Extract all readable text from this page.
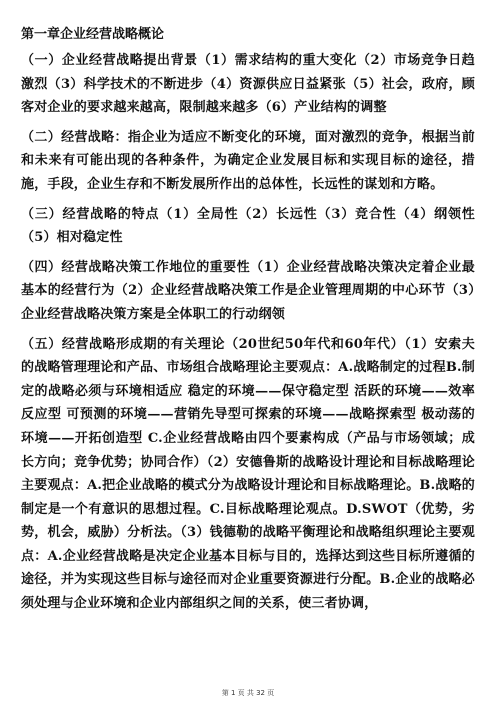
第一章企业经营战略概论

（一）企业经营战略提出背景（1）需求结构的重大变化（2）市场竞争日趋激烈（3）科学技术的不断进步（4）资源供应日益紧张（5）社会，政府，顾客对企业的要求越来越高，限制越来越多（6）产业结构的调整

（二）经营战略：指企业为适应不断变化的环境，面对激烈的竞争，根据当前和未来有可能出现的各种条件，为确定企业发展目标和实现目标的途径，措施，手段，企业生存和不断发展所作出的总体性，长远性的谋划和方略。

（三）经营战略的特点（1）全局性（2）长远性（3）竞合性（4）纲领性（5）相对稳定性

（四）经营战略决策工作地位的重要性（1）企业经营战略决策决定着企业最基本的经营行为（2）企业经营战略决策工作是企业管理周期的中心环节（3）企业经营战略决策方案是全体职工的行动纲领

（五）经营战略形成期的有关理论（20世纪50年代和60年代）（1）安索夫的战略管理理论和产品、市场组合战略理论主要观点：A.战略制定的过程B.制定的战略必须与环境相适应 稳定的环境——保守稳定型 活跃的环境——效率反应型 可预测的环境——营销先导型可探索的环境——战略探索型 极动荡的环境——开拓创造型 C.企业经营战略由四个要素构成（产品与市场领域；成长方向；竞争优势；协同合作）（2）安德鲁斯的战略设计理论和目标战略理论主要观点：A.把企业战略的模式分为战略设计理论和目标战略理论。B.战略的制定是一个有意识的思想过程。C.目标战略理论观点。D.SWOT（优势，劣势，机会，威胁）分析法。（3）钱德勒的战略平衡理论和战略组织理论主要观点：A.企业经营战略是决定企业基本目标与目的，选择达到这些目标所遵循的途径，并为实现这些目标与途径而对企业重要资源进行分配。B.企业的战略必须处理与企业环境和企业内部组织之间的关系，使三者协调，

第 1 页 共 32 页
